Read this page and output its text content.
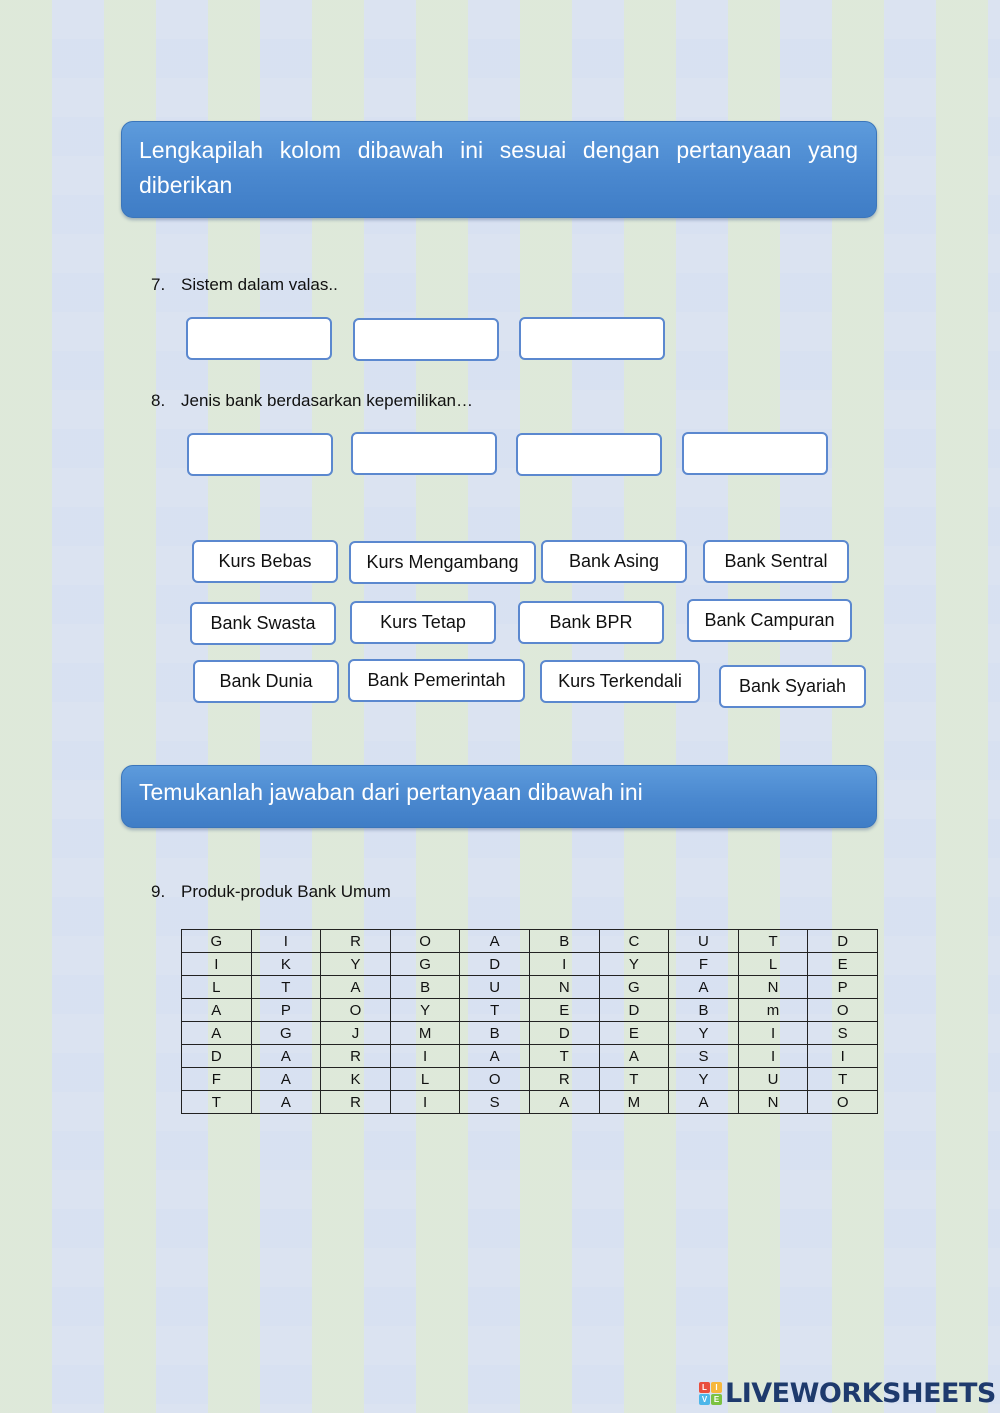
Lengkapilah kolom dibawah ini sesuai dengan pertanyaan yang diberikan
7. Sistem dalam valas..
8. Jenis bank berdasarkan kepemilikan…
Kurs Bebas	Kurs Mengambang	Bank Asing	Bank Sentral
Bank Swasta	Kurs Tetap	Bank BPR	Bank Campuran
Bank Dunia	Bank Pemerintah	Kurs Terkendali	Bank Syariah
Temukanlah jawaban dari pertanyaan dibawah ini
9. Produk-produk Bank Umum
G	I	R	O	A	B	C	U	T	D
I	K	Y	G	D	I	Y	F	L	E
L	T	A	B	U	N	G	A	N	P
A	P	O	Y	T	E	D	B	m	O
A	G	J	M	B	D	E	Y	I	S
D	A	R	I	A	T	A	S	I	I
F	A	K	L	O	R	T	Y	U	T
T	A	R	I	S	A	M	A	N	O
L	I
V E LIVEWORKSHEETS
